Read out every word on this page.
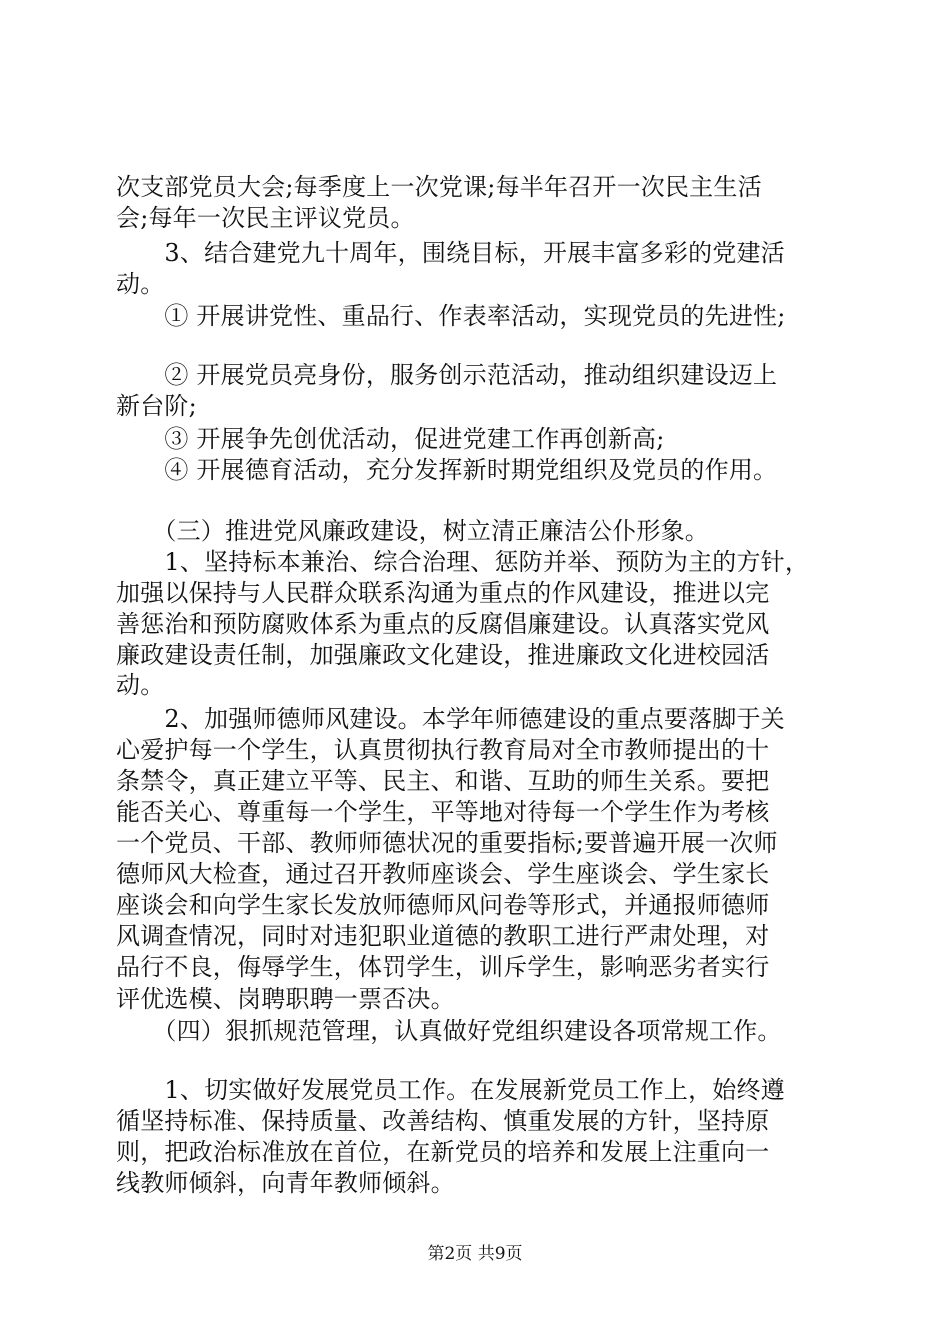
次支部党员大会;每季度上一次党课;每半年召开一次民主生活
会;每年一次民主评议党员。
　　3、结合建党九十周年，围绕目标，开展丰富多彩的党建活
动。
　　① 开展讲党性、重品行、作表率活动，实现党员的先进性;
　　② 开展党员亮身份，服务创示范活动，推动组织建设迈上
新台阶;
　　③ 开展争先创优活动，促进党建工作再创新高;
　　④ 开展德育活动，充分发挥新时期党组织及党员的作用。
　　（三）推进党风廉政建设，树立清正廉洁公仆形象。
　　1、坚持标本兼治、综合治理、惩防并举、预防为主的方针，
加强以保持与人民群众联系沟通为重点的作风建设，推进以完
善惩治和预防腐败体系为重点的反腐倡廉建设。认真落实党风
廉政建设责任制，加强廉政文化建设，推进廉政文化进校园活
动。
　　2、加强师德师风建设。本学年师德建设的重点要落脚于关
心爱护每一个学生，认真贯彻执行教育局对全市教师提出的十
条禁令，真正建立平等、民主、和谐、互助的师生关系。要把
能否关心、尊重每一个学生，平等地对待每一个学生作为考核
一个党员、干部、教师师德状况的重要指标;要普遍开展一次师
德师风大检查，通过召开教师座谈会、学生座谈会、学生家长
座谈会和向学生家长发放师德师风问卷等形式，并通报师德师
风调查情况，同时对违犯职业道德的教职工进行严肃处理，对
品行不良，侮辱学生，体罚学生，训斥学生，影响恶劣者实行
评优选模、岗聘职聘一票否决。
　　（四）狠抓规范管理，认真做好党组织建设各项常规工作。
　　1、切实做好发展党员工作。在发展新党员工作上，始终遵
循坚持标准、保持质量、改善结构、慎重发展的方针，坚持原
则，把政治标准放在首位，在新党员的培养和发展上注重向一
线教师倾斜，向青年教师倾斜。
第2页 共9页
